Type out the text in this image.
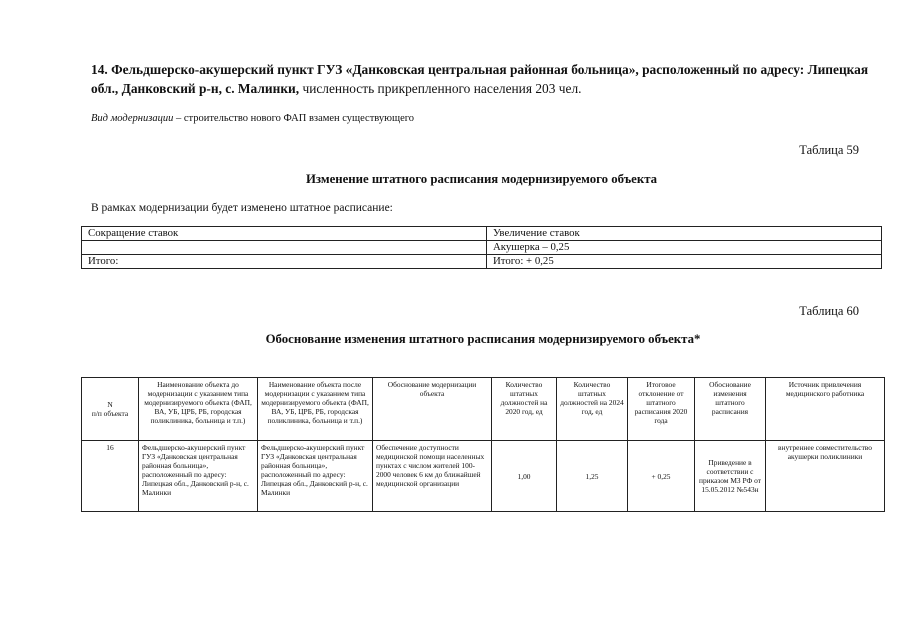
14. Фельдшерско-акушерский пункт ГУЗ «Данковская центральная районная больница», расположенный по адресу: Липецкая обл., Данковский р-н, с. Малинки, численность прикрепленного населения 203 чел.
Вид модернизации – строительство нового ФАП взамен существующего
Таблица 59
Изменение штатного расписания модернизируемого объекта
В рамках модернизации будет изменено штатное расписание:
Сокращение ставок	Увеличение ставок
	Акушерка – 0,25
Итого:	Итого: + 0,25
Таблица 60
Обоснование изменения штатного расписания модернизируемого объекта*
N
п/п объекта	Наименование объекта до модернизации с указанием типа модернизируемого объекта (ФАП, ВА, УБ, ЦРБ, РБ, городская поликлиника, больница и т.п.)	Наименование объекта после модернизации с указанием типа модернизируемого объекта (ФАП, ВА, УБ, ЦРБ, РБ, городская поликлиника, больница и т.п.)	Обоснование модернизации объекта	Количество штатных должностей на 2020 год, ед	Количество штатных должностей на 2024 год, ед	Итоговое отклонение от штатного расписания 2020 года	Обоснование изменения штатного расписания	Источник привлечения медицинского работника
16	Фельдшерско-акушерский пункт ГУЗ «Данковская центральная районная больница», расположенный по адресу: Липецкая обл., Данковский р-н, с. Малинки	Фельдшерско-акушерский пункт ГУЗ «Данковская центральная районная больница», расположенный по адресу: Липецкая обл., Данковский р-н, с. Малинки	Обеспечение доступности медицинской помощи населенных пунктах с числом жителей 100-2000 человек 6 км до ближайшей медицинской организации	1,00	1,25	+ 0,25	Приведение в соответствии с приказом МЗ РФ от 15.05.2012 №543н	внутреннее совместительство акушерки поликлиники
